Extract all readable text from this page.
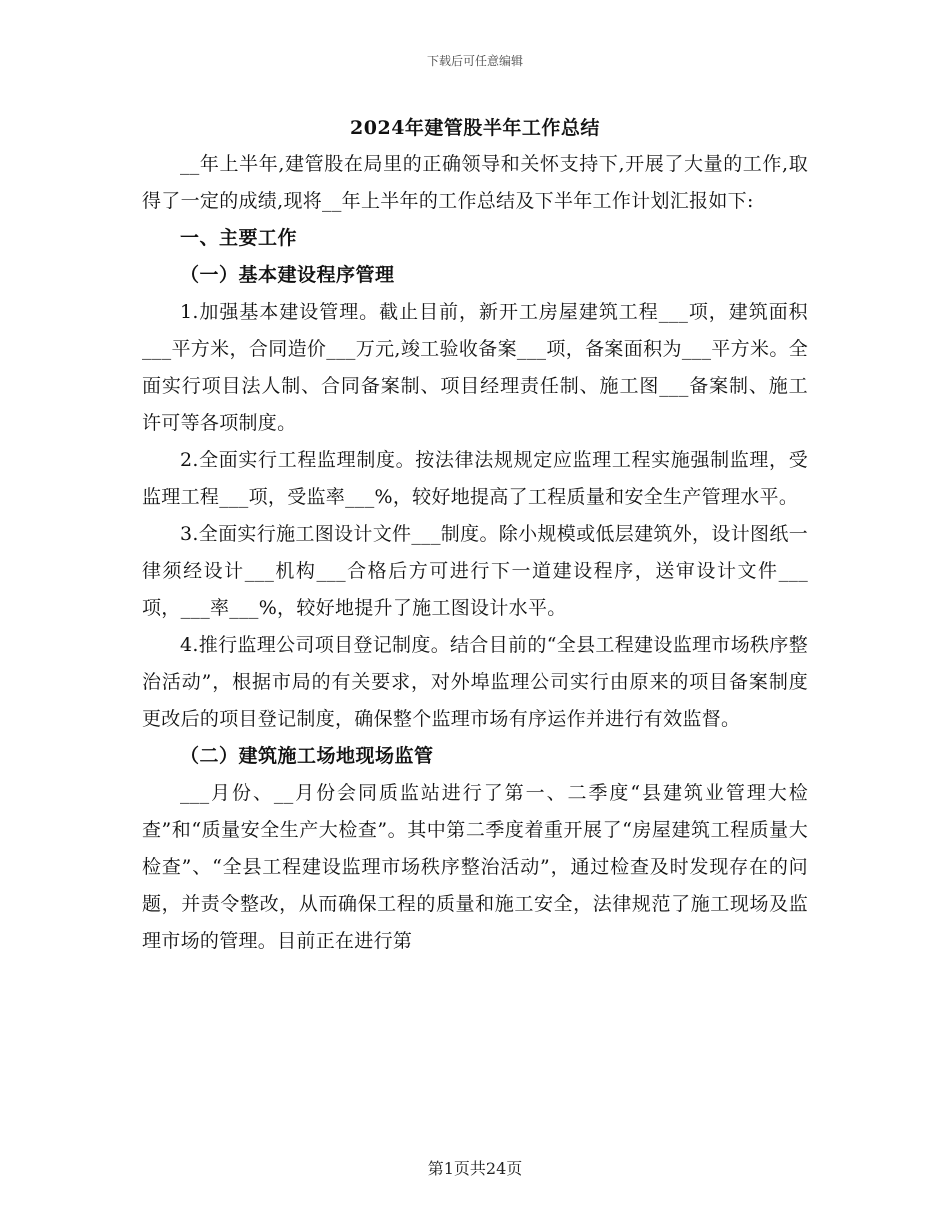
下载后可任意编辑
2024年建管股半年工作总结

__年上半年,建管股在局里的正确领导和关怀支持下,开展了大量的工作,取得了一定的成绩,现将__年上半年的工作总结及下半年工作计划汇报如下:

一、主要工作
（一）基本建设程序管理

1.加强基本建设管理。截止目前，新开工房屋建筑工程___项，建筑面积___平方米，合同造价___万元,竣工验收备案___项，备案面积为___平方米。全面实行项目法人制、合同备案制、项目经理责任制、施工图___备案制、施工许可等各项制度。

2.全面实行工程监理制度。按法律法规规定应监理工程实施强制监理，受监理工程___项，受监率___%，较好地提高了工程质量和安全生产管理水平。

3.全面实行施工图设计文件___制度。除小规模或低层建筑外，设计图纸一律须经设计___机构___合格后方可进行下一道建设程序，送审设计文件___项，___率___%，较好地提升了施工图设计水平。

4.推行监理公司项目登记制度。结合目前的“全县工程建设监理市场秩序整治活动”，根据市局的有关要求，对外埠监理公司实行由原来的项目备案制度更改后的项目登记制度，确保整个监理市场有序运作并进行有效监督。

（二）建筑施工场地现场监管

___月份、__月份会同质监站进行了第一、二季度“县建筑业管理大检查”和“质量安全生产大检查”。其中第二季度着重开展了“房屋建筑工程质量大检查”、“全县工程建设监理市场秩序整治活动”，通过检查及时发现存在的问题，并责令整改，从而确保工程的质量和施工安全，法律规范了施工现场及监理市场的管理。目前正在进行第

第1页共24页
